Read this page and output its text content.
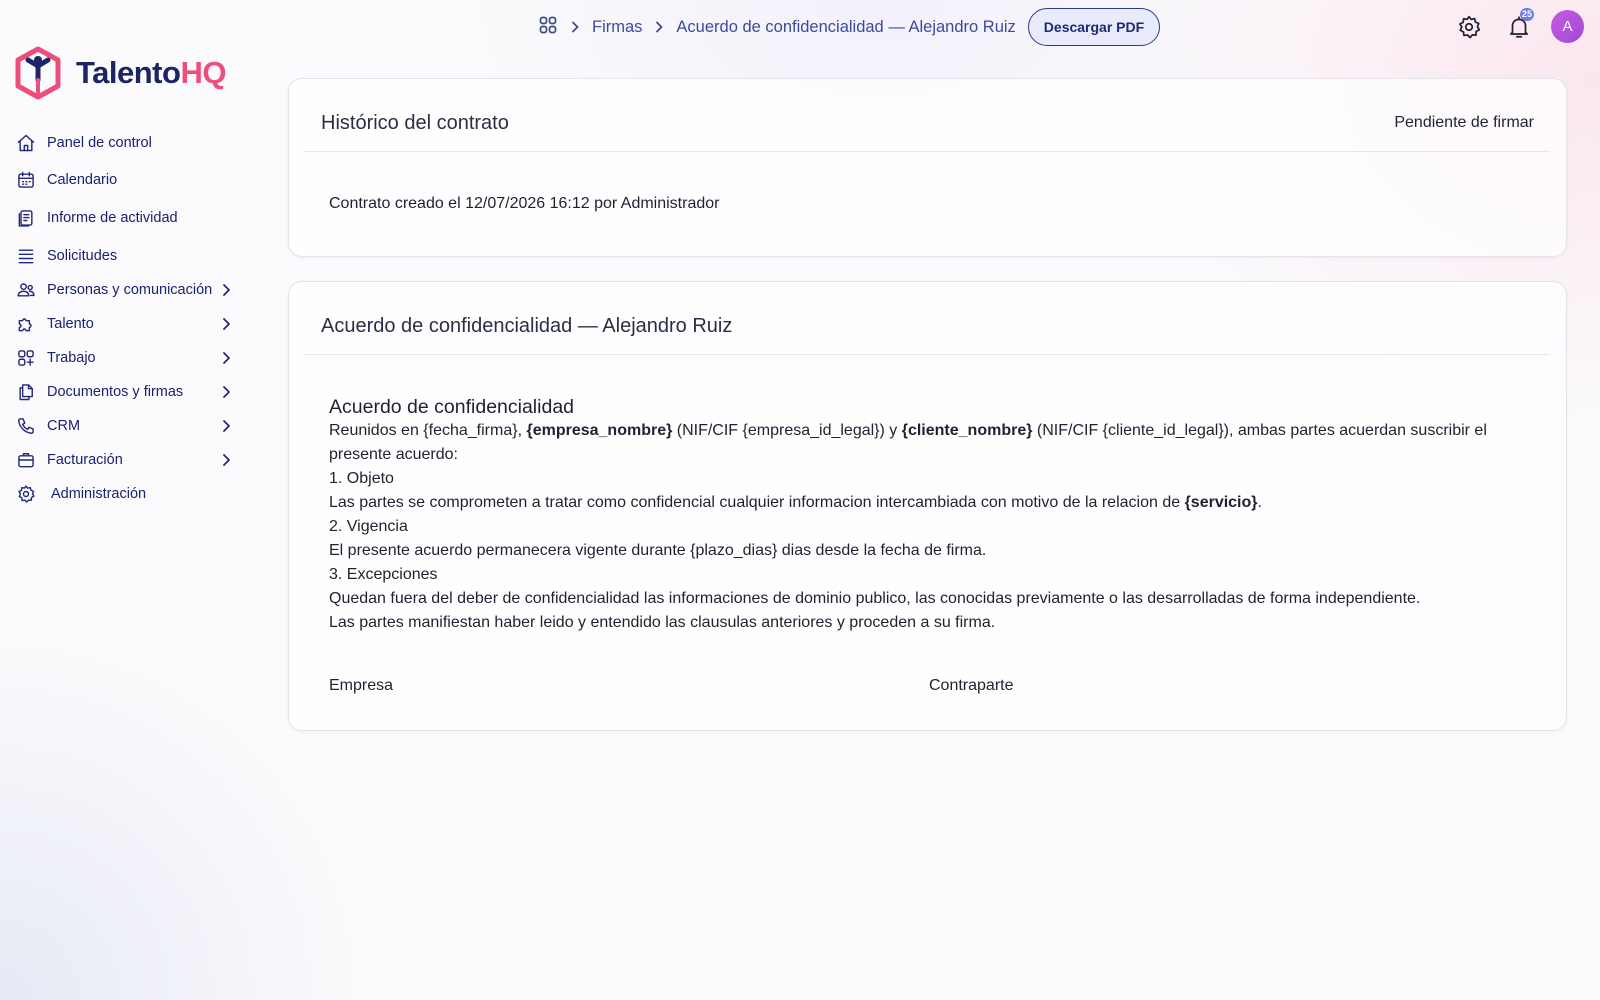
TalentoHQ
Panel de control
Calendario
Informe de actividad
Solicitudes
Personas y comunicación
Talento
Trabajo
Documentos y firmas
CRM
Facturación
Administración
Firmas Acuerdo de confidencialidad — Alejandro Ruiz	Descargar PDF
25
A
Histórico del contrato	Pendiente de firmar
Contrato creado el 12/07/2026 16:12 por Administrador
Acuerdo de confidencialidad — Alejandro Ruiz
Acuerdo de confidencialidad
Reunidos en {fecha_firma}, {empresa_nombre} (NIF/CIF {empresa_id_legal}) y {cliente_nombre} (NIF/CIF {cliente_id_legal}), ambas partes acuerdan suscribir el presente acuerdo:
1. Objeto
Las partes se comprometen a tratar como confidencial cualquier informacion intercambiada con motivo de la relacion de {servicio}.
2. Vigencia
El presente acuerdo permanecera vigente durante {plazo_dias} dias desde la fecha de firma.
3. Excepciones
Quedan fuera del deber de confidencialidad las informaciones de dominio publico, las conocidas previamente o las desarrolladas de forma independiente.
Las partes manifiestan haber leido y entendido las clausulas anteriores y proceden a su firma.
Empresa	Contraparte
